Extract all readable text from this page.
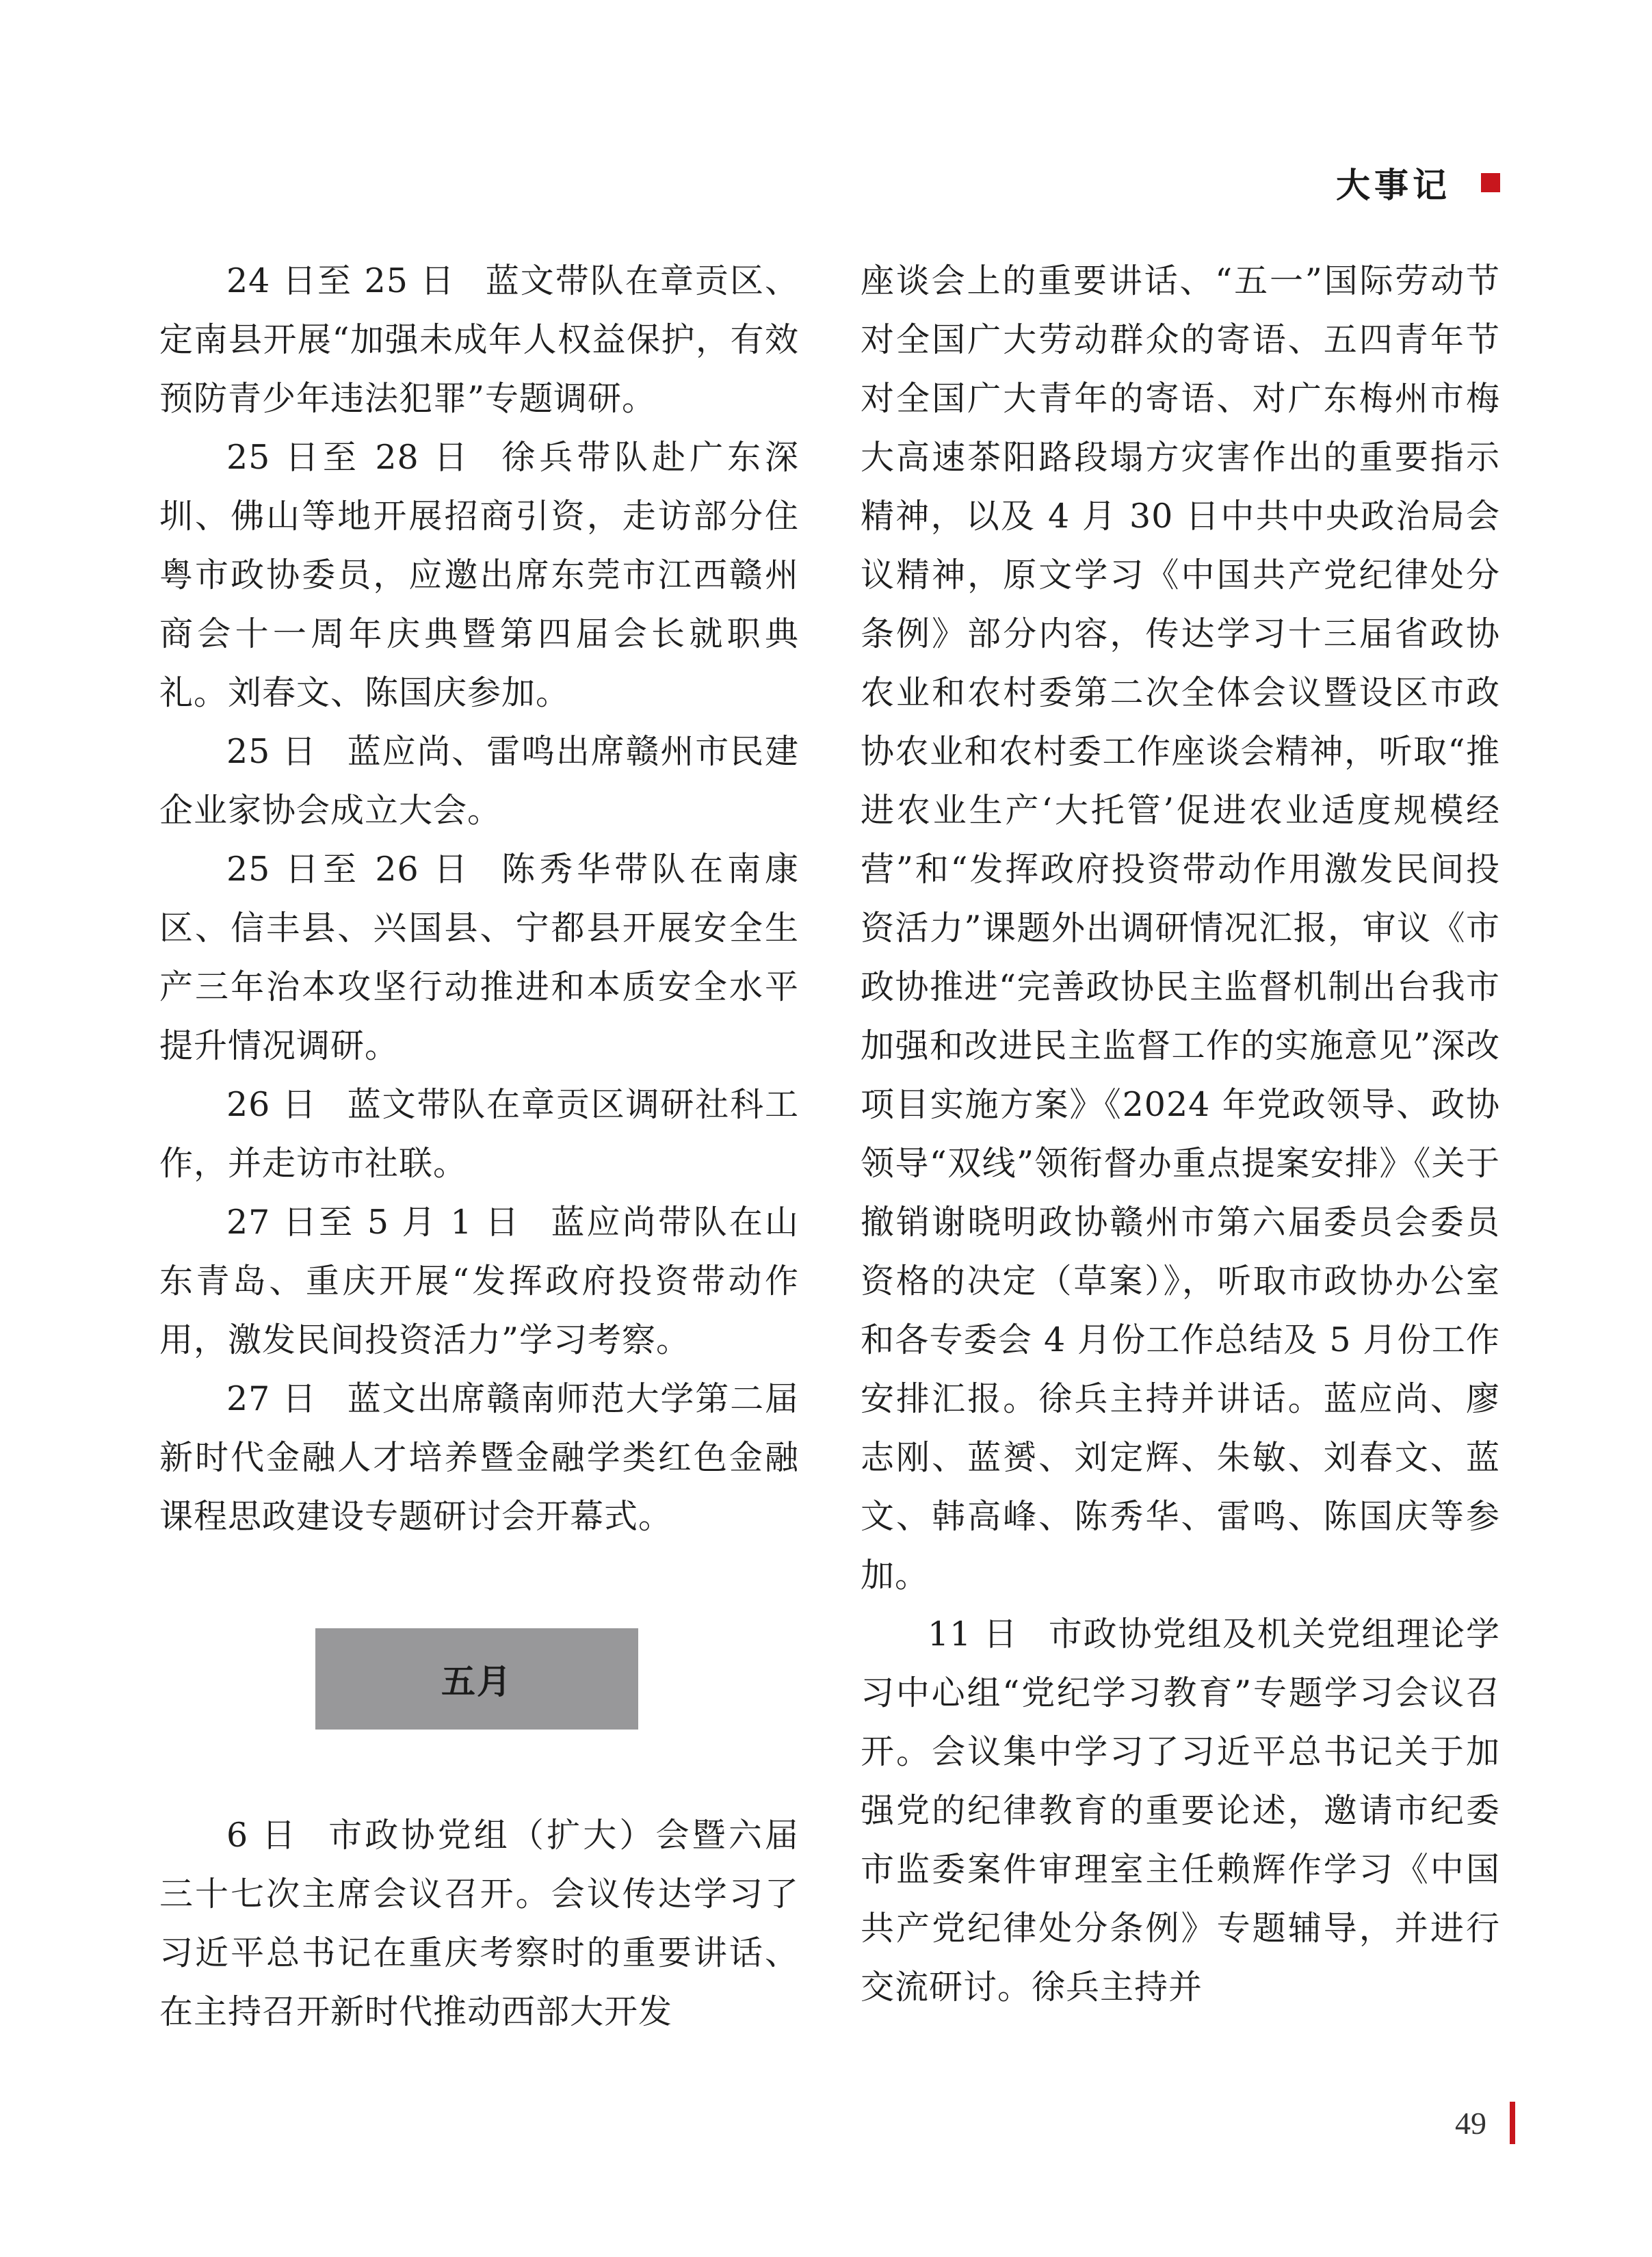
大事记

24 日至 25 日 蓝文带队在章贡区、定南县开展“加强未成年人权益保护，有效预防青少年违法犯罪”专题调研。

25 日至 28 日 徐兵带队赴广东深圳、佛山等地开展招商引资，走访部分住粤市政协委员，应邀出席东莞市江西赣州商会十一周年庆典暨第四届会长就职典礼。刘春文、陈国庆参加。

25 日 蓝应尚、雷鸣出席赣州市民建企业家协会成立大会。

25 日至 26 日 陈秀华带队在南康区、信丰县、兴国县、宁都县开展安全生产三年治本攻坚行动推进和本质安全水平提升情况调研。

26 日 蓝文带队在章贡区调研社科工作，并走访市社联。

27 日至 5 月 1 日 蓝应尚带队在山东青岛、重庆开展“发挥政府投资带动作用，激发民间投资活力”学习考察。

27 日 蓝文出席赣南师范大学第二届新时代金融人才培养暨金融学类红色金融课程思政建设专题研讨会开幕式。

五月

6 日 市政协党组（扩大）会暨六届三十七次主席会议召开。会议传达学习了习近平总书记在重庆考察时的重要讲话、在主持召开新时代推动西部大开发

座谈会上的重要讲话、“五一”国际劳动节对全国广大劳动群众的寄语、五四青年节对全国广大青年的寄语、对广东梅州市梅大高速茶阳路段塌方灾害作出的重要指示精神，以及 4 月 30 日中共中央政治局会议精神，原文学习《中国共产党纪律处分条例》部分内容，传达学习十三届省政协农业和农村委第二次全体会议暨设区市政协农业和农村委工作座谈会精神，听取“推进农业生产‘大托管’促进农业适度规模经营”和“发挥政府投资带动作用激发民间投资活力”课题外出调研情况汇报，审议《市政协推进“完善政协民主监督机制出台我市加强和改进民主监督工作的实施意见”深改项目实施方案》《2024 年党政领导、政协领导“双线”领衔督办重点提案安排》《关于撤销谢晓明政协赣州市第六届委员会委员资格的决定（草案）》，听取市政协办公室和各专委会 4 月份工作总结及 5 月份工作安排汇报。徐兵主持并讲话。蓝应尚、廖志刚、蓝赟、刘定辉、朱敏、刘春文、蓝文、韩高峰、陈秀华、雷鸣、陈国庆等参加。

11 日 市政协党组及机关党组理论学习中心组“党纪学习教育”专题学习会议召开。会议集中学习了习近平总书记关于加强党的纪律教育的重要论述，邀请市纪委市监委案件审理室主任赖辉作学习《中国共产党纪律处分条例》专题辅导，并进行交流研讨。徐兵主持并

49
